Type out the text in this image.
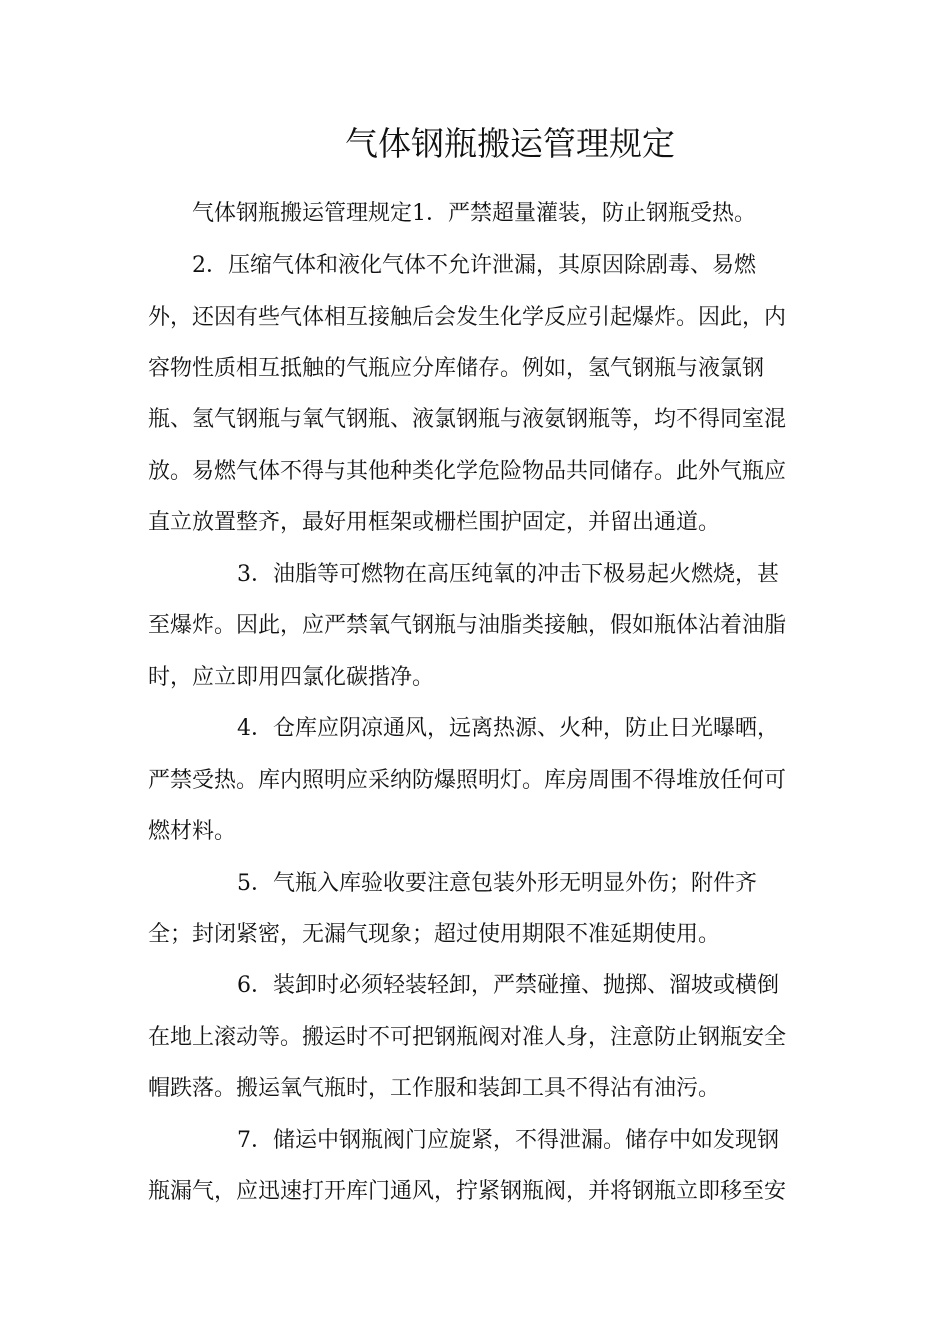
气体钢瓶搬运管理规定
气体钢瓶搬运管理规定1．严禁超量灌装，防止钢瓶受热。
2．压缩气体和液化气体不允许泄漏，其原因除剧毒、易燃
外，还因有些气体相互接触后会发生化学反应引起爆炸。因此，内
容物性质相互抵触的气瓶应分库储存。例如，氢气钢瓶与液氯钢
瓶、氢气钢瓶与氧气钢瓶、液氯钢瓶与液氨钢瓶等，均不得同室混
放。易燃气体不得与其他种类化学危险物品共同储存。此外气瓶应
直立放置整齐，最好用框架或栅栏围护固定，并留出通道。
3．油脂等可燃物在高压纯氧的冲击下极易起火燃烧，甚
至爆炸。因此，应严禁氧气钢瓶与油脂类接触，假如瓶体沾着油脂
时，应立即用四氯化碳揩净。
4．仓库应阴凉通风，远离热源、火种，防止日光曝晒，
严禁受热。库内照明应采纳防爆照明灯。库房周围不得堆放任何可
燃材料。
5．气瓶入库验收要注意包装外形无明显外伤；附件齐
全；封闭紧密，无漏气现象；超过使用期限不准延期使用。
6．装卸时必须轻装轻卸，严禁碰撞、抛掷、溜坡或横倒
在地上滚动等。搬运时不可把钢瓶阀对准人身，注意防止钢瓶安全
帽跌落。搬运氧气瓶时，工作服和装卸工具不得沾有油污。
7．储运中钢瓶阀门应旋紧，不得泄漏。储存中如发现钢
瓶漏气，应迅速打开库门通风，拧紧钢瓶阀，并将钢瓶立即移至安
